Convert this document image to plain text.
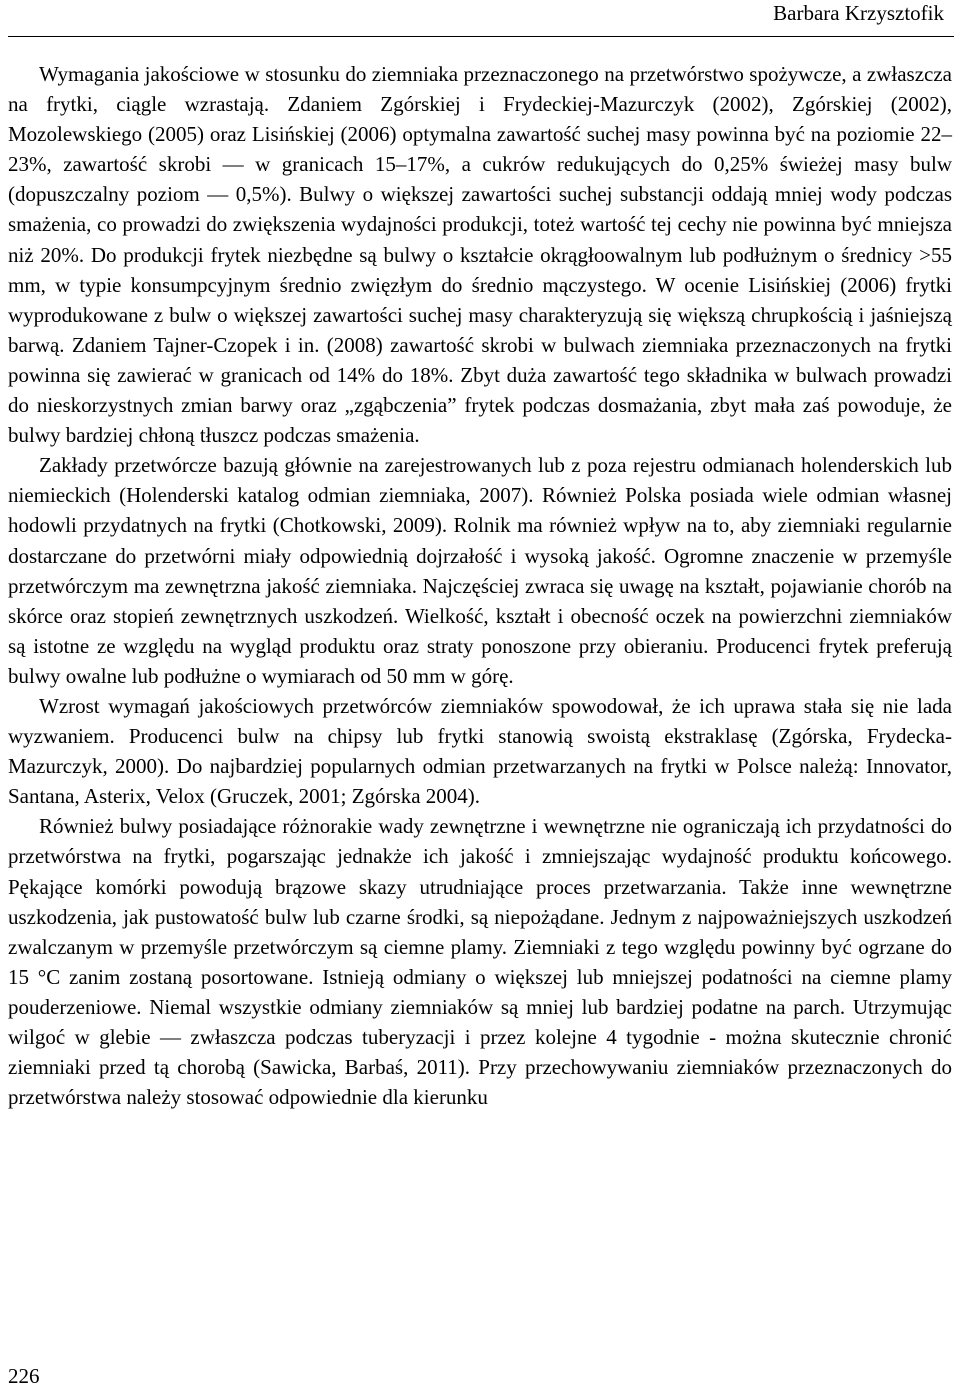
Barbara Krzysztofik

Wymagania jakościowe w stosunku do ziemniaka przeznaczonego na przetwórstwo spożywcze, a zwłaszcza na frytki, ciągle wzrastają. Zdaniem Zgórskiej i Frydeckiej-Mazurczyk (2002), Zgórskiej (2002), Mozolewskiego (2005) oraz Lisińskiej (2006) optymalna zawartość suchej masy powinna być na poziomie 22–23%, zawartość skrobi — w granicach 15–17%, a cukrów redukujących do 0,25% świeżej masy bulw (dopuszczalny poziom — 0,5%). Bulwy o większej zawartości suchej substancji oddają mniej wody podczas smażenia, co prowadzi do zwiększenia wydajności produkcji, toteż wartość tej cechy nie powinna być mniejsza niż 20%. Do produkcji frytek niezbędne są bulwy o kształcie okrągłoowalnym lub podłużnym o średnicy >55 mm, w typie konsumpcyjnym średnio zwięzłym do średnio mączystego. W ocenie Lisińskiej (2006) frytki wyprodukowane z bulw o większej zawartości suchej masy charakteryzują się większą chrupkością i jaśniejszą barwą. Zdaniem Tajner-Czopek i in. (2008) zawartość skrobi w bulwach ziemniaka przeznaczonych na frytki powinna się zawierać w granicach od 14% do 18%. Zbyt duża zawartość tego składnika w bulwach prowadzi do nieskorzystnych zmian barwy oraz „zgąbczenia” frytek podczas dosmażania, zbyt mała zaś powoduje, że bulwy bardziej chłoną tłuszcz podczas smażenia.

Zakłady przetwórcze bazują głównie na zarejestrowanych lub z poza rejestru odmianach holenderskich lub niemieckich (Holenderski katalog odmian ziemniaka, 2007). Również Polska posiada wiele odmian własnej hodowli przydatnych na frytki (Chotkowski, 2009). Rolnik ma również wpływ na to, aby ziemniaki regularnie dostarczane do przetwórni miały odpowiednią dojrzałość i wysoką jakość. Ogromne znaczenie w przemyśle przetwórczym ma zewnętrzna jakość ziemniaka. Najczęściej zwraca się uwagę na kształt, pojawianie chorób na skórce oraz stopień zewnętrznych uszkodzeń. Wielkość, kształt i obecność oczek na powierzchni ziemniaków są istotne ze względu na wygląd produktu oraz straty ponoszone przy obieraniu. Producenci frytek preferują bulwy owalne lub podłużne o wymiarach od 50 mm w górę.

Wzrost wymagań jakościowych przetwórców ziemniaków spowodował, że ich uprawa stała się nie lada wyzwaniem. Producenci bulw na chipsy lub frytki stanowią swoistą ekstraklasę (Zgórska, Frydecka-Mazurczyk, 2000). Do najbardziej popularnych odmian przetwarzanych na frytki w Polsce należą: Innovator, Santana, Asterix, Velox (Gruczek, 2001; Zgórska 2004).

Również bulwy posiadające różnorakie wady zewnętrzne i wewnętrzne nie ograniczają ich przydatności do przetwórstwa na frytki, pogarszając jednakże ich jakość i zmniejszając wydajność produktu końcowego. Pękające komórki powodują brązowe skazy utrudniające proces przetwarzania. Także inne wewnętrzne uszkodzenia, jak pustowatość bulw lub czarne środki, są niepożądane. Jednym z najpoważniejszych uszkodzeń zwalczanym w przemyśle przetwórczym są ciemne plamy. Ziemniaki z tego względu powinny być ogrzane do 15 °C zanim zostaną posortowane. Istnieją odmiany o większej lub mniejszej podatności na ciemne plamy pouderzeniowe. Niemal wszystkie odmiany ziemniaków są mniej lub bardziej podatne na parch. Utrzymując wilgoć w glebie — zwłaszcza podczas tuberyzacji i przez kolejne 4 tygodnie - można skutecznie chronić ziemniaki przed tą chorobą (Sawicka, Barbaś, 2011). Przy przechowywaniu ziemniaków przeznaczonych do przetwórstwa należy stosować odpowiednie dla kierunku

226
